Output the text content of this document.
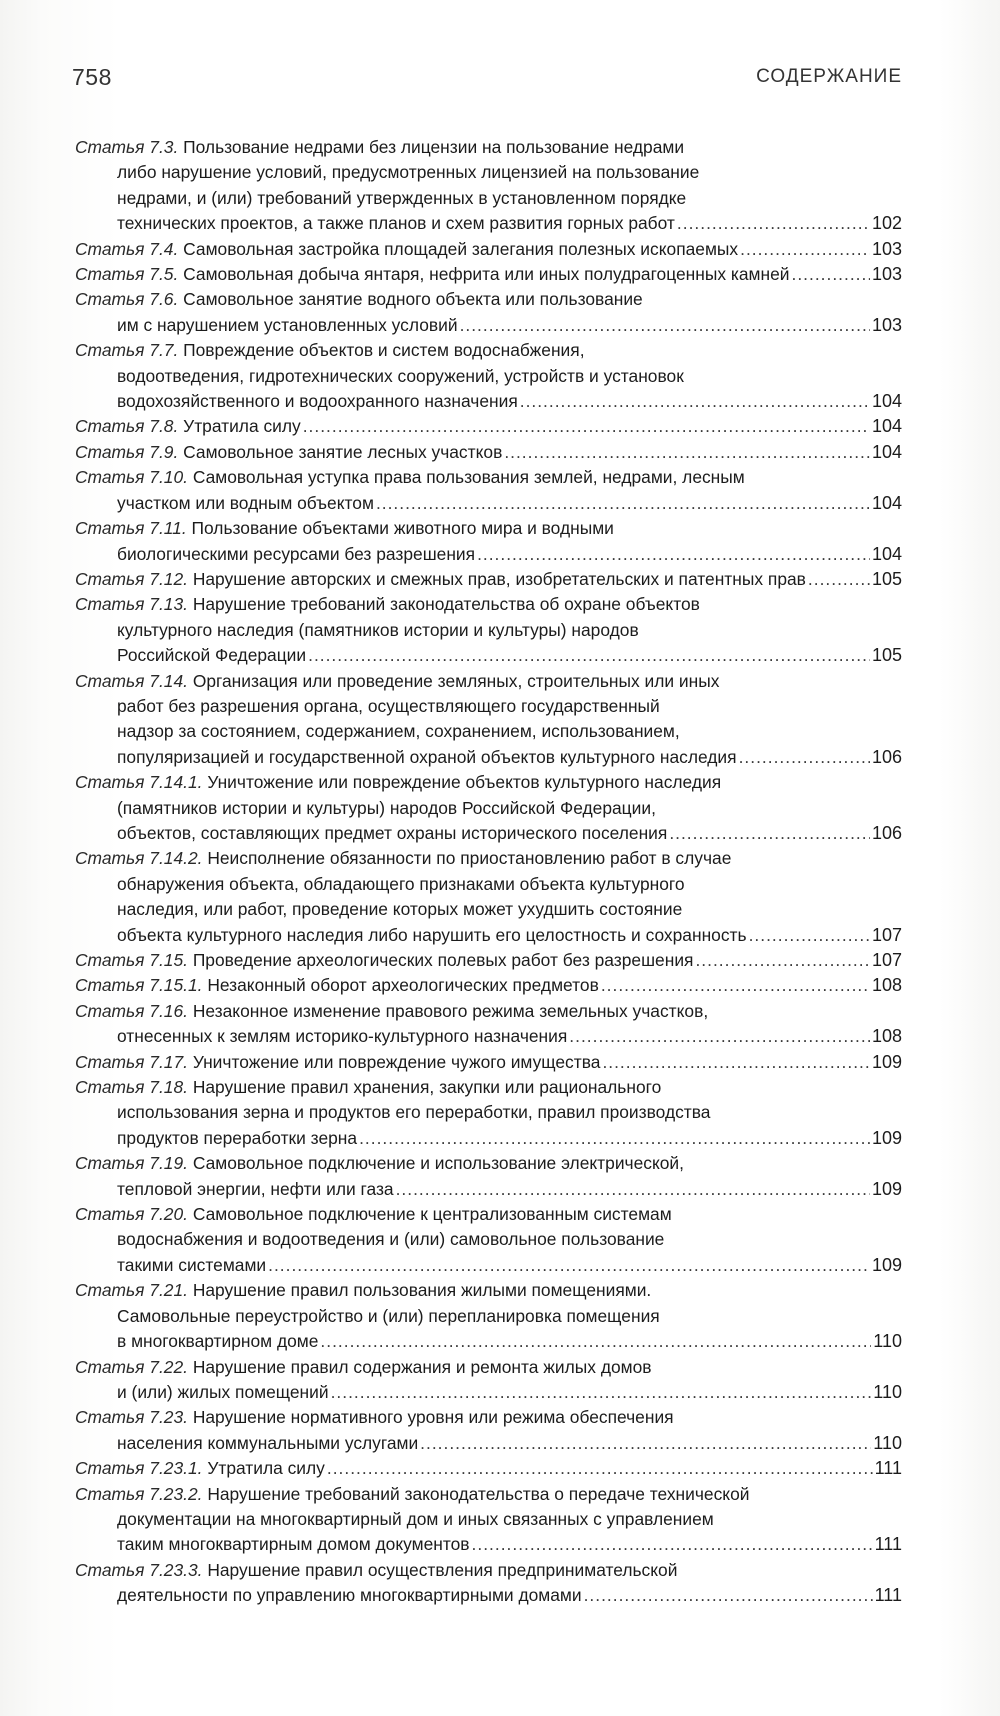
758	СОДЕРЖАНИЕ
Статья 7.3. Пользование недрами без лицензии на пользование недрами
либо нарушение условий, предусмотренных лицензией на пользование
недрами, и (или) требований утвержденных в установленном порядке
технических проектов, а также планов и схем развития горных работ .....	102
Статья 7.4. Самовольная застройка площадей залегания полезных ископаемых .....	103
Статья 7.5. Самовольная добыча янтаря, нефрита или иных полудрагоценных камней .....	103
Статья 7.6. Самовольное занятие водного объекта или пользование
им с нарушением установленных условий .....	103
Статья 7.7. Повреждение объектов и систем водоснабжения,
водоотведения, гидротехнических сооружений, устройств и установок
водохозяйственного и водоохранного назначения .....	104
Статья 7.8. Утратила силу .....	104
Статья 7.9. Самовольное занятие лесных участков .....	104
Статья 7.10. Самовольная уступка права пользования землей, недрами, лесным
участком или водным объектом .....	104
Статья 7.11. Пользование объектами животного мира и водными
биологическими ресурсами без разрешения .....	104
Статья 7.12. Нарушение авторских и смежных прав, изобретательских и патентных прав .....	105
Статья 7.13. Нарушение требований законодательства об охране объектов
культурного наследия (памятников истории и культуры) народов
Российской Федерации .....	105
Статья 7.14. Организация или проведение земляных, строительных или иных
работ без разрешения органа, осуществляющего государственный
надзор за состоянием, содержанием, сохранением, использованием,
популяризацией и государственной охраной объектов культурного наследия .....	106
Статья 7.14.1. Уничтожение или повреждение объектов культурного наследия
(памятников истории и культуры) народов Российской Федерации,
объектов, составляющих предмет охраны исторического поселения .....	106
Статья 7.14.2. Неисполнение обязанности по приостановлению работ в случае
обнаружения объекта, обладающего признаками объекта культурного
наследия, или работ, проведение которых может ухудшить состояние
объекта культурного наследия либо нарушить его целостность и сохранность .....	107
Статья 7.15. Проведение археологических полевых работ без разрешения .....	107
Статья 7.15.1. Незаконный оборот археологических предметов .....	108
Статья 7.16. Незаконное изменение правового режима земельных участков,
отнесенных к землям историко-культурного назначения .....	108
Статья 7.17. Уничтожение или повреждение чужого имущества .....	109
Статья 7.18. Нарушение правил хранения, закупки или рационального
использования зерна и продуктов его переработки, правил производства
продуктов переработки зерна .....	109
Статья 7.19. Самовольное подключение и использование электрической,
тепловой энергии, нефти или газа .....	109
Статья 7.20. Самовольное подключение к централизованным системам
водоснабжения и водоотведения и (или) самовольное пользование
такими системами .....	109
Статья 7.21. Нарушение правил пользования жилыми помещениями.
Самовольные переустройство и (или) перепланировка помещения
в многоквартирном доме .....	110
Статья 7.22. Нарушение правил содержания и ремонта жилых домов
и (или) жилых помещений .....	110
Статья 7.23. Нарушение нормативного уровня или режима обеспечения
населения коммунальными услугами .....	110
Статья 7.23.1. Утратила силу .....	111
Статья 7.23.2. Нарушение требований законодательства о передаче технической
документации на многоквартирный дом и иных связанных с управлением
таким многоквартирным домом документов .....	111
Статья 7.23.3. Нарушение правил осуществления предпринимательской
деятельности по управлению многоквартирными домами .....	111
